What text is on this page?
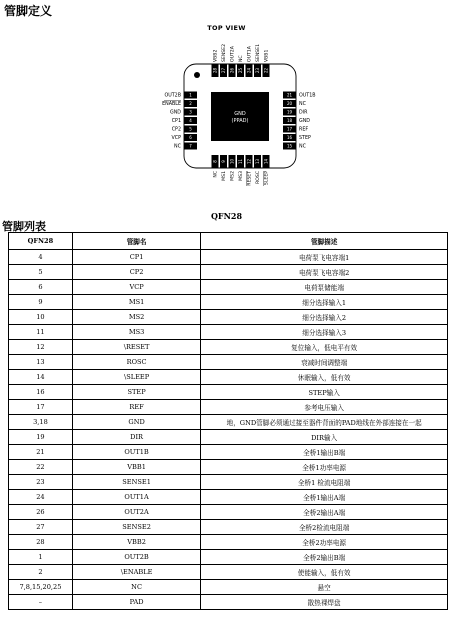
管脚定义
TOP VIEW
GND
(PPAD)
28
VBB2
27
SENSE2
26
OUT2A
25
NC
24
OUT1A
23
SENSE1
22
VBB1
8
NC
9
MS1
10
MS2
11
MS3
12
RESET
13
ROSC
14
SLEEP
1
OUT2B
2
ENABLE
3
GND
4
CP1
5
CP2
6
VCP
7
NC
21 OUT1B
20 NC
19 DIR
18 GND
17 REF
16 STEP
15 NC
QFN28
管脚列表
QFN28	管脚名	管脚描述
4	CP1	电荷泵飞电容端1
5	CP2	电荷泵飞电容端2
6	VCP	电荷泵储能端
9	MS1	细分选择输入1
10	MS2	细分选择输入2
11	MS3	细分选择输入3
12	\RESET	复位输入，低电平有效
13	ROSC	衰减时间调整端
14	\SLEEP	休眠输入，低有效
16	STEP	STEP输入
17	REF	参考电压输入
3,18	GND	地，GND管脚必须通过接至器件背面的PAD地线在外部连接在一起
19	DIR	DIR输入
21	OUT1B	全桥1输出B端
22	VBB1	全桥1功率电源
23	SENSE1	全桥1 检流电阻端
24	OUT1A	全桥1输出A端
26	OUT2A	全桥2输出A端
27	SENSE2	全桥2检流电阻端
28	VBB2	全桥2功率电源
1	OUT2B	全桥2输出B端
2	\ENABLE	使能输入，低有效
7,8,15,20,25	NC	悬空
–	PAD	散热裸焊盘
